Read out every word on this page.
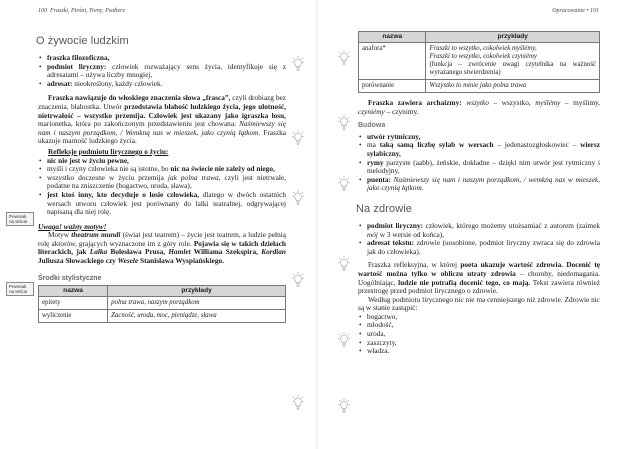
100 Fraszki, Pieśni, Treny, Psałterz
O żywocie ludzkim
• fraszka filozoficzna,
• podmiot liryczny: człowiek rozważający sens życia, identyfikuje się z adresatami – używa liczby mnogiej,
• adresat: nieokreślony, każdy człowiek.

Fraszka nawiązuje do włoskiego znaczenia słowa „frasca”, czyli drobiazg bez znaczenia, błahostka. Utwór przedstawia błahość ludzkiego życia, jego ulotność, nietrwałość – wszystko przemija. Człowiek jest ukazany jako igraszka losu, marionetka, która po zakończonym przedstawieniu jest chowana: Naśmiewszy się nam i naszym porządkom, / Wemkną nas w mieszek, jako czynią łątkom. Fraszka ukazuje marność ludzkiego życia.

Refleksje podmiotu lirycznego o życiu:

• nic nie jest w życiu pewne,
• myśli i czyny człowieka nie są istotne, bo nic na świecie nie zależy od niego,
• wszystko doczesne w życiu przemija jak polna trawa, czyli jest nietrwałe, podatne na zniszczenie (bogactwo, uroda, sława),
• jest ktoś inny, kto decyduje o losie człowieka, dlatego w dwóch ostatnich wersach utworu człowiek jest porównany do lalki teatralnej, odgrywającej napisaną dla niej rolę.

Uwaga! ważny motyw!

Motyw theatrum mundi (świat jest teatrem) – życie jest teatrem, a ludzie pełnią rolę aktorów, grających wyznaczone im z góry role. Pojawia się w takich dziełach literackich, jak Lalka Bolesława Prusa, Hamlet Williama Szekspira, Kordian Juliusza Słowackiego czy Wesele Stanisława Wyspiańskiego.

Środki stylistyczne
nazwa	przykłady
epitety	polna trawa, naszym porządkom
wyliczenie	Zacność, uroda, moc, pieniądze, sława
Pewniak na teście
Pewniak na teście
Opracowanie • 101
nazwa	przykłady
anafora*	Fraszki to wszytko, cokolwiek myślémy,
Fraszki to wszytko, cokolwiek czyniémy
(funkcja – zwrócenie uwagi czytelnika na ważność wyrażanego stwierdzenia)
porównanie	Wszystko to minie jako polna trawa

Fraszka zawiera archaizmy: wszytko – wszystko, myślémy – myślimy, czyniémy – czynimy.

Budowa
• utwór rytmiczny,
• ma taką samą liczbę sylab w wersach – jedenastozgłoskowiec – wiersz sylabiczny,
• rymy parzyste (aabb), żeńskie, dokładne – dzięki nim utwór jest rytmiczny i melodyjny,
• puenta: Naśmiewszy się nam i naszym porządkom, / wemkną nas w mieszek, jako czynią łątkom.
Na zdrowie
• podmiot liryczny: człowiek, którego możemy utożsamiać z autorem (zaimek mój w 3 wersie od końca),
• adresat tekstu: zdrowie (uosobione, podmiot liryczny zwraca się do zdrowia jak do człowieka).

Fraszka refleksyjna, w której poeta ukazuje wartość zdrowia. Docenić tę wartość można tylko w obliczu utraty zdrowia – choroby, niedomagania. Uogólniając, ludzie nie potrafią docenić tego, co mają. Tekst zawiera również przestrogę przed podmiot lirycznego o zdrowie.

Według podmiotu lirycznego nic nie ma cenniejszego niż zdrowie. Zdrowie nic są w stanie zastąpić:

• bogactwo,
• młodość,
• uroda,
• zaszczyty,
• władza.
